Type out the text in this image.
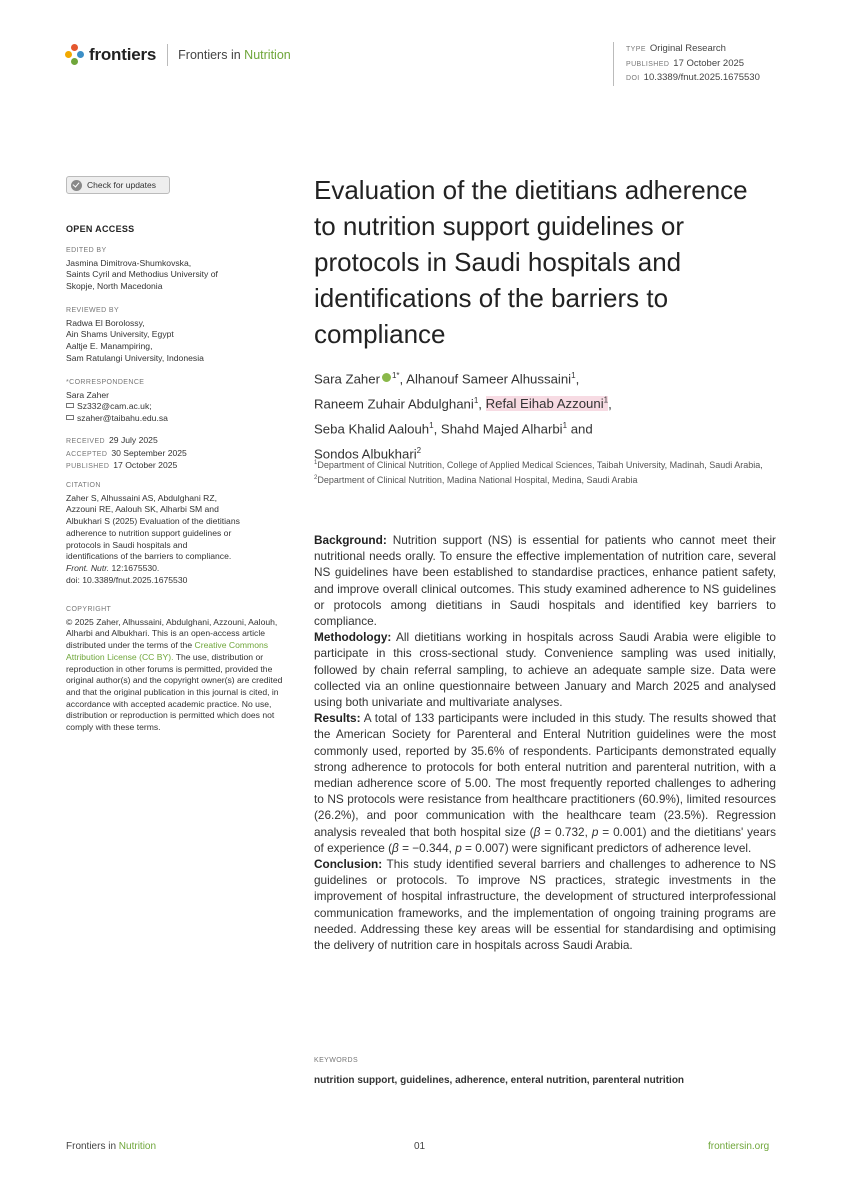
frontiers Frontiers in Nutrition	TYPE Original Research
PUBLISHED 17 October 2025
DOI 10.3389/fnut.2025.1675530
Check for updates
OPEN ACCESS
EDITED BY

Jasmina Dimitrova-Shumkovska,

Saints Cyril and Methodius University of

Skopje, North Macedonia

REVIEWED BY

Radwa El Borolossy,

Ain Shams University, Egypt

Aaltje E. Manampiring,

Sam Ratulangi University, Indonesia

*CORRESPONDENCE

Sara Zaher

Sz332@cam.ac.uk;

szaher@taibahu.edu.sa

RECEIVED 29 July 2025

ACCEPTED 30 September 2025

PUBLISHED 17 October 2025

CITATION

Zaher S, Alhussaini AS, Abdulghani RZ,

Azzouni RE, Aalouh SK, Alharbi SM and

Albukhari S (2025) Evaluation of the dietitians

adherence to nutrition support guidelines or

protocols in Saudi hospitals and

identifications of the barriers to compliance.

Front. Nutr. 12:1675530.

doi: 10.3389/fnut.2025.1675530

COPYRIGHT

© 2025 Zaher, Alhussaini, Abdulghani, Azzouni, Aalouh, Alharbi and Albukhari. This is an open-access article distributed under the terms of the Creative Commons Attribution License (CC BY). The use, distribution or reproduction in other forums is permitted, provided the original author(s) and the copyright owner(s) are credited and that the original publication in this journal is cited, in accordance with accepted academic practice. No use, distribution or reproduction is permitted which does not comply with these terms.

Evaluation of the dietitians adherence to nutrition support guidelines or protocols in Saudi hospitals and identifications of the barriers to compliance
Sara Zaher $^{1*}$, Alhanouf Sameer Alhussaini$^1$,
Raneem Zuhair Abdulghani$^1$, Refal Eihab Azzouni$^1$,
Seba Khalid Aalouh$^1$, Shahd Majed Alharbi$^1$ and
Sondos Albukhari$^2$
$^1$Department of Clinical Nutrition, College of Applied Medical Sciences, Taibah University, Madinah, Saudi Arabia, $^2$Department of Clinical Nutrition, Madina National Hospital, Medina, Saudi Arabia

Background: Nutrition support (NS) is essential for patients who cannot meet their nutritional needs orally. To ensure the effective implementation of nutrition care, several NS guidelines have been established to standardise practices, enhance patient safety, and improve overall clinical outcomes. This study examined adherence to NS guidelines or protocols among dietitians in Saudi hospitals and identified key barriers to compliance.

Methodology: All dietitians working in hospitals across Saudi Arabia were eligible to participate in this cross-sectional study. Convenience sampling was used initially, followed by chain referral sampling, to achieve an adequate sample size. Data were collected via an online questionnaire between January and March 2025 and analysed using both univariate and multivariate analyses.

Results: A total of 133 participants were included in this study. The results showed that the American Society for Parenteral and Enteral Nutrition guidelines were the most commonly used, reported by 35.6% of respondents. Participants demonstrated equally strong adherence to protocols for both enteral nutrition and parenteral nutrition, with a median adherence score of 5.00. The most frequently reported challenges to adhering to NS protocols were resistance from healthcare practitioners (60.9%), limited resources (26.2%), and poor communication with the healthcare team (23.5%). Regression analysis revealed that both hospital size (β = 0.732, p = 0.001) and the dietitians' years of experience (β = −0.344, p = 0.007) were significant predictors of adherence level.

Conclusion: This study identified several barriers and challenges to adherence to NS guidelines or protocols. To improve NS practices, strategic investments in the improvement of hospital infrastructure, the development of structured interprofessional communication frameworks, and the implementation of ongoing training programs are needed. Addressing these key areas will be essential for standardising and optimising the delivery of nutrition care in hospitals across Saudi Arabia.

KEYWORDS
nutrition support, guidelines, adherence, enteral nutrition, parenteral nutrition
Frontiers in Nutrition	01	frontiersin.org
